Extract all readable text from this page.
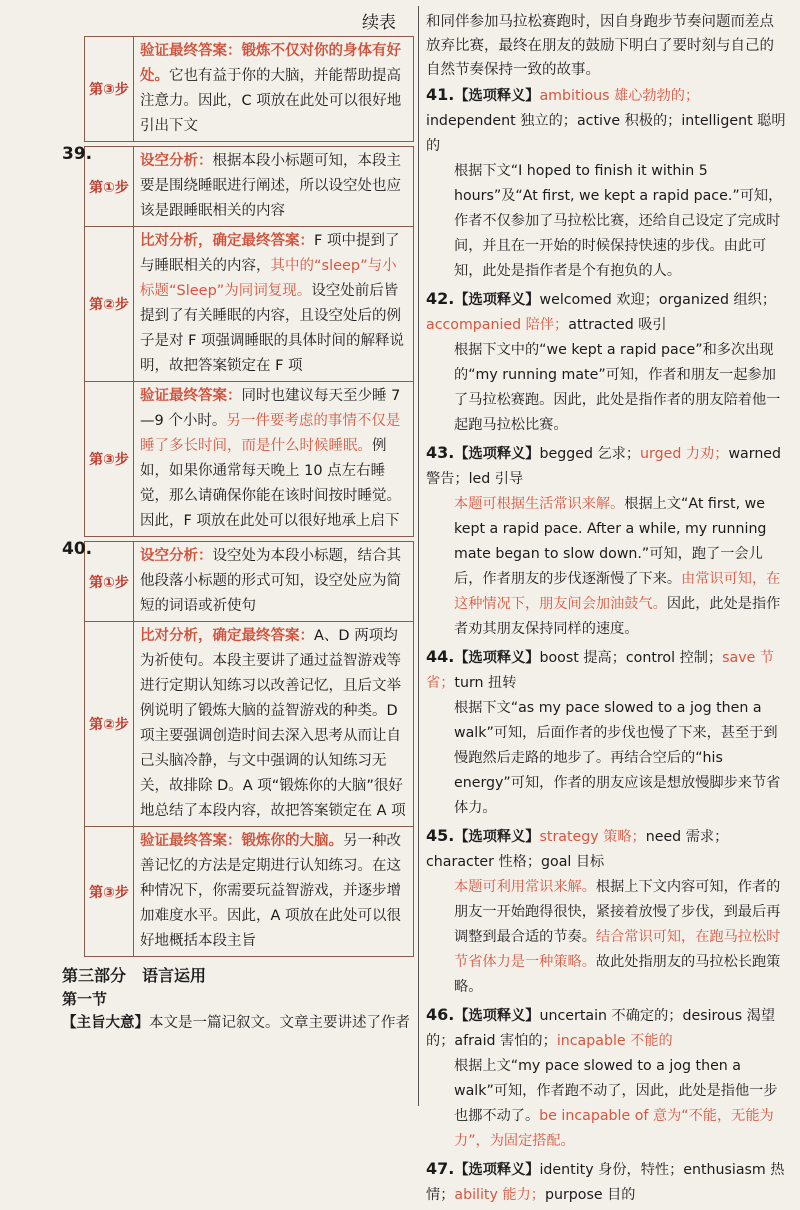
续表
第③步	验证最终答案：锻炼不仅对你的身体有好处。它也有益于你的大脑，并能帮助提高注意力。因此，C 项放在此处可以很好地引出下文
39.
第①步	设空分析：根据本段小标题可知，本段主要是围绕睡眠进行阐述，所以设空处也应该是跟睡眠相关的内容
第②步	比对分析，确定最终答案：F 项中提到了与睡眠相关的内容，其中的“sleep”与小标题“Sleep”为同词复现。设空处前后皆提到了有关睡眠的内容，且设空处后的例子是对 F 项强调睡眠的具体时间的解释说明，故把答案锁定在 F 项
第③步	验证最终答案：同时也建议每天至少睡 7—9 个小时。另一件要考虑的事情不仅是睡了多长时间，而是什么时候睡眠。例如，如果你通常每天晚上 10 点左右睡觉，那么请确保你能在该时间按时睡觉。因此，F 项放在此处可以很好地承上启下
40.
第①步	设空分析：设空处为本段小标题，结合其他段落小标题的形式可知，设空处应为简短的词语或祈使句
第②步	比对分析，确定最终答案：A、D 两项均为祈使句。本段主要讲了通过益智游戏等进行定期认知练习以改善记忆，且后文举例说明了锻炼大脑的益智游戏的种类。D 项主要强调创造时间去深入思考从而让自己头脑冷静，与文中强调的认知练习无关，故排除 D。A 项“锻炼你的大脑”很好地总结了本段内容，故把答案锁定在 A 项
第③步	验证最终答案：锻炼你的大脑。另一种改善记忆的方法是定期进行认知练习。在这种情况下，你需要玩益智游戏，并逐步增加难度水平。因此，A 项放在此处可以很好地概括本段主旨
第三部分　语言运用
第一节
【主旨大意】本文是一篇记叙文。文章主要讲述了作者
和同伴参加马拉松赛跑时，因自身跑步节奏问题而差点放弃比赛，最终在朋友的鼓励下明白了要时刻与自己的自然节奏保持一致的故事。
41.【选项释义】ambitious 雄心勃勃的；independent 独立的；active 积极的；intelligent 聪明的
根据下文“I hoped to finish it within 5 hours”及“At first, we kept a rapid pace.”可知，作者不仅参加了马拉松比赛，还给自己设定了完成时间，并且在一开始的时候保持快速的步伐。由此可知，此处是指作者是个有抱负的人。
42.【选项释义】welcomed 欢迎；organized 组织；accompanied 陪伴；attracted 吸引
根据下文中的“we kept a rapid pace”和多次出现的“my running mate”可知，作者和朋友一起参加了马拉松赛跑。因此，此处是指作者的朋友陪着他一起跑马拉松比赛。
43.【选项释义】begged 乞求；urged 力劝；warned 警告；led 引导
本题可根据生活常识来解。根据上文“At first, we kept a rapid pace. After a while, my running mate began to slow down.”可知，跑了一会儿后，作者朋友的步伐逐渐慢了下来。由常识可知，在这种情况下，朋友间会加油鼓气。因此，此处是指作者劝其朋友保持同样的速度。
44.【选项释义】boost 提高；control 控制；save 节省；turn 扭转
根据下文“as my pace slowed to a jog then a walk”可知，后面作者的步伐也慢了下来，甚至于到慢跑然后走路的地步了。再结合空后的“his energy”可知，作者的朋友应该是想放慢脚步来节省体力。
45.【选项释义】strategy 策略；need 需求；character 性格；goal 目标
本题可利用常识来解。根据上下文内容可知，作者的朋友一开始跑得很快，紧接着放慢了步伐，到最后再调整到最合适的节奏。结合常识可知，在跑马拉松时节省体力是一种策略。故此处指朋友的马拉松长跑策略。
46.【选项释义】uncertain 不确定的；desirous 渴望的；afraid 害怕的；incapable 不能的
根据上文“my pace slowed to a jog then a walk”可知，作者跑不动了，因此，此处是指他一步也挪不动了。be incapable of 意为“不能，无能为力”，为固定搭配。
47.【选项释义】identity 身份，特性；enthusiasm 热情；ability 能力；purpose 目的
